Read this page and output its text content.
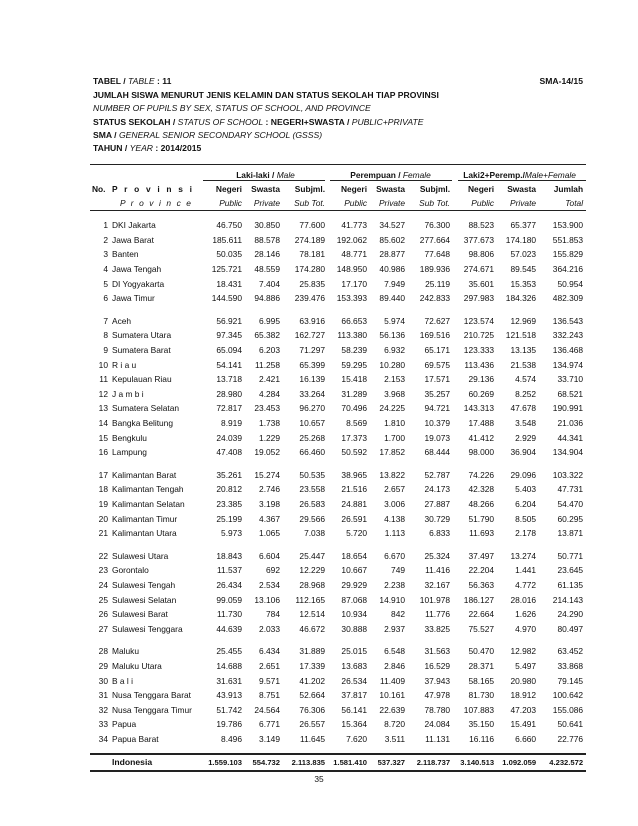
TABEL / TABLE : 11	SMA-14/15
JUMLAH SISWA MENURUT JENIS KELAMIN DAN STATUS SEKOLAH TIAP PROVINSI
NUMBER OF PUPILS BY SEX, STATUS OF SCHOOL, AND PROVINCE
STATUS SEKOLAH / STATUS OF SCHOOL : NEGERI+SWASTA / PUBLIC+PRIVATE
SMA / GENERAL SENIOR SECONDARY SCHOOL (GSSS)
TAHUN / YEAR : 2014/2015
		Laki-laki / Male			Perempuan / Female			Laki2+Peremp./Male+Female		
No.	P r o v i n s i	Negeri	Swasta	Subjml.	Negeri	Swasta	Subjml.	Negeri	Swasta	Jumlah
	P r o v i n c e	Public	Private	Sub Tot.	Public	Private	Sub Tot.	Public	Private	Total

1	DKI Jakarta	46.750	30.850	77.600	41.773	34.527	76.300	88.523	65.377	153.900
2	Jawa Barat	185.611	88.578	274.189	192.062	85.602	277.664	377.673	174.180	551.853
3	Banten	50.035	28.146	78.181	48.771	28.877	77.648	98.806	57.023	155.829
4	Jawa Tengah	125.721	48.559	174.280	148.950	40.986	189.936	274.671	89.545	364.216
5	DI Yogyakarta	18.431	7.404	25.835	17.170	7.949	25.119	35.601	15.353	50.954
6	Jawa Timur	144.590	94.886	239.476	153.393	89.440	242.833	297.983	184.326	482.309

7	Aceh	56.921	6.995	63.916	66.653	5.974	72.627	123.574	12.969	136.543
8	Sumatera Utara	97.345	65.382	162.727	113.380	56.136	169.516	210.725	121.518	332.243
9	Sumatera Barat	65.094	6.203	71.297	58.239	6.932	65.171	123.333	13.135	136.468
10	R i a u	54.141	11.258	65.399	59.295	10.280	69.575	113.436	21.538	134.974
11	Kepulauan Riau	13.718	2.421	16.139	15.418	2.153	17.571	29.136	4.574	33.710
12	J a m b i	28.980	4.284	33.264	31.289	3.968	35.257	60.269	8.252	68.521
13	Sumatera Selatan	72.817	23.453	96.270	70.496	24.225	94.721	143.313	47.678	190.991
14	Bangka Belitung	8.919	1.738	10.657	8.569	1.810	10.379	17.488	3.548	21.036
15	Bengkulu	24.039	1.229	25.268	17.373	1.700	19.073	41.412	2.929	44.341
16	Lampung	47.408	19.052	66.460	50.592	17.852	68.444	98.000	36.904	134.904

17	Kalimantan Barat	35.261	15.274	50.535	38.965	13.822	52.787	74.226	29.096	103.322
18	Kalimantan Tengah	20.812	2.746	23.558	21.516	2.657	24.173	42.328	5.403	47.731
19	Kalimantan Selatan	23.385	3.198	26.583	24.881	3.006	27.887	48.266	6.204	54.470
20	Kalimantan Timur	25.199	4.367	29.566	26.591	4.138	30.729	51.790	8.505	60.295
21	Kalimantan Utara	5.973	1.065	7.038	5.720	1.113	6.833	11.693	2.178	13.871

22	Sulawesi Utara	18.843	6.604	25.447	18.654	6.670	25.324	37.497	13.274	50.771
23	Gorontalo	11.537	692	12.229	10.667	749	11.416	22.204	1.441	23.645
24	Sulawesi Tengah	26.434	2.534	28.968	29.929	2.238	32.167	56.363	4.772	61.135
25	Sulawesi Selatan	99.059	13.106	112.165	87.068	14.910	101.978	186.127	28.016	214.143
26	Sulawesi Barat	11.730	784	12.514	10.934	842	11.776	22.664	1.626	24.290
27	Sulawesi Tenggara	44.639	2.033	46.672	30.888	2.937	33.825	75.527	4.970	80.497

28	Maluku	25.455	6.434	31.889	25.015	6.548	31.563	50.470	12.982	63.452
29	Maluku Utara	14.688	2.651	17.339	13.683	2.846	16.529	28.371	5.497	33.868
30	B a l i	31.631	9.571	41.202	26.534	11.409	37.943	58.165	20.980	79.145
31	Nusa Tenggara Barat	43.913	8.751	52.664	37.817	10.161	47.978	81.730	18.912	100.642
32	Nusa Tenggara Timur	51.742	24.564	76.306	56.141	22.639	78.780	107.883	47.203	155.086
33	Papua	19.786	6.771	26.557	15.364	8.720	24.084	35.150	15.491	50.641
34	Papua Barat	8.496	3.149	11.645	7.620	3.511	11.131	16.116	6.660	22.776

	Indonesia	1.559.103	554.732	2.113.835	1.581.410	537.327	2.118.737	3.140.513	1.092.059	4.232.572
35
